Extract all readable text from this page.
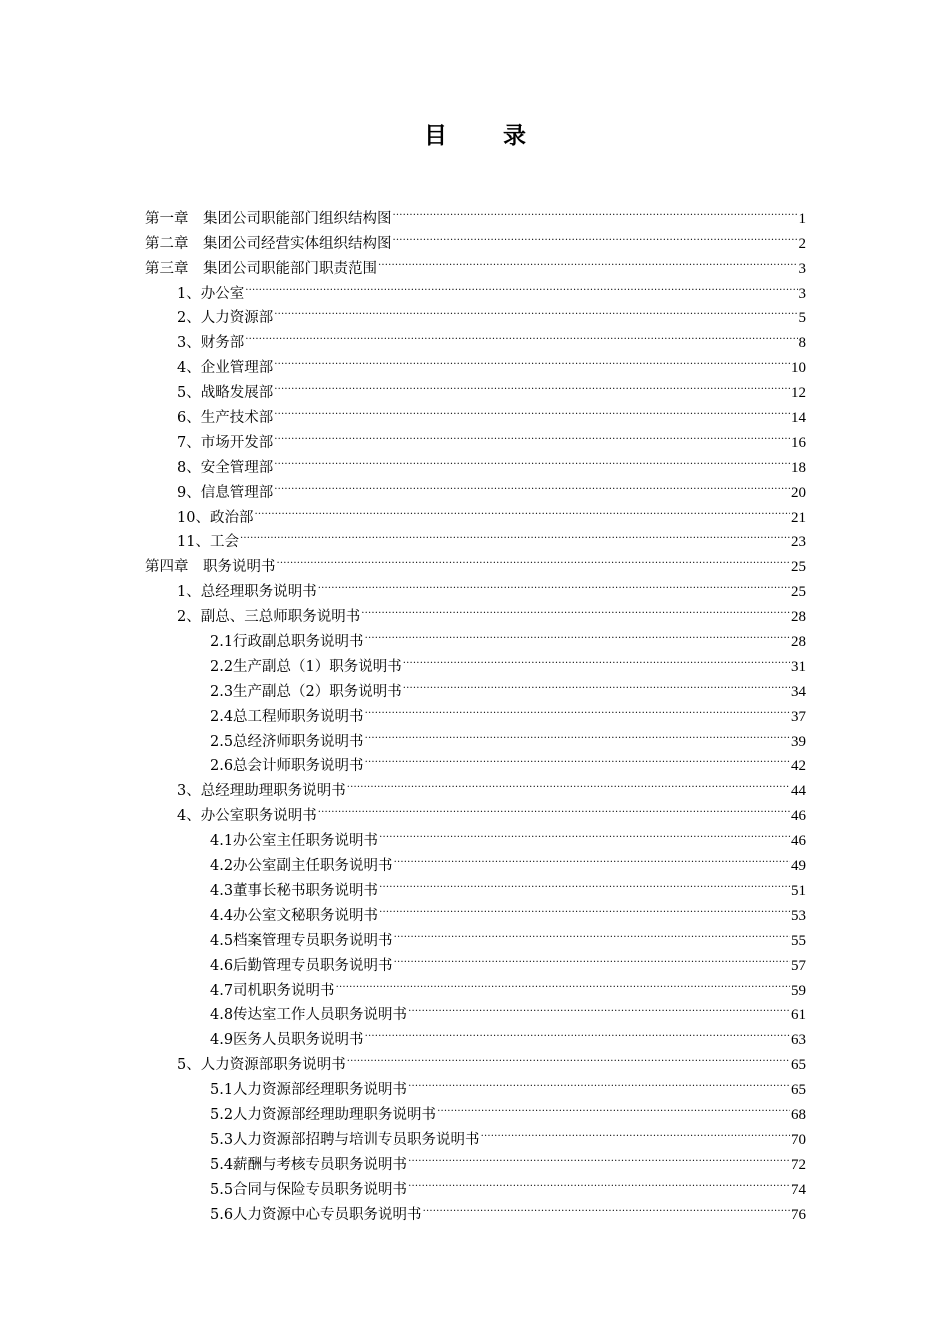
目 录
第一章　集团公司职能部门组织结构图 .....	1
第二章　集团公司经营实体组织结构图 .....	2
第三章　集团公司职能部门职责范围 .....	3
1、办公室 .....	3
2、人力资源部 .....	5
3、财务部 .....	8
4、企业管理部 .....	10
5、战略发展部 .....	12
6、生产技术部 .....	14
7、市场开发部 .....	16
8、安全管理部 .....	18
9、信息管理部 .....	20
10、政治部 .....	21
11、工会 .....	23
第四章　职务说明书 .....	25
1、总经理职务说明书 .....	25
2、副总、三总师职务说明书 .....	28
2.1行政副总职务说明书 .....	28
2.2生产副总（1）职务说明书 .....	31
2.3生产副总（2）职务说明书 .....	34
2.4总工程师职务说明书 .....	37
2.5总经济师职务说明书 .....	39
2.6总会计师职务说明书 .....	42
3、总经理助理职务说明书 .....	44
4、办公室职务说明书 .....	46
4.1办公室主任职务说明书 .....	46
4.2办公室副主任职务说明书 .....	49
4.3董事长秘书职务说明书 .....	51
4.4办公室文秘职务说明书 .....	53
4.5档案管理专员职务说明书 .....	55
4.6后勤管理专员职务说明书 .....	57
4.7司机职务说明书 .....	59
4.8传达室工作人员职务说明书 .....	61
4.9医务人员职务说明书 .....	63
5、人力资源部职务说明书 .....	65
5.1人力资源部经理职务说明书 .....	65
5.2人力资源部经理助理职务说明书 .....	68
5.3人力资源部招聘与培训专员职务说明书 .....	70
5.4薪酬与考核专员职务说明书 .....	72
5.5合同与保险专员职务说明书 .....	74
5.6人力资源中心专员职务说明书 .....	76
